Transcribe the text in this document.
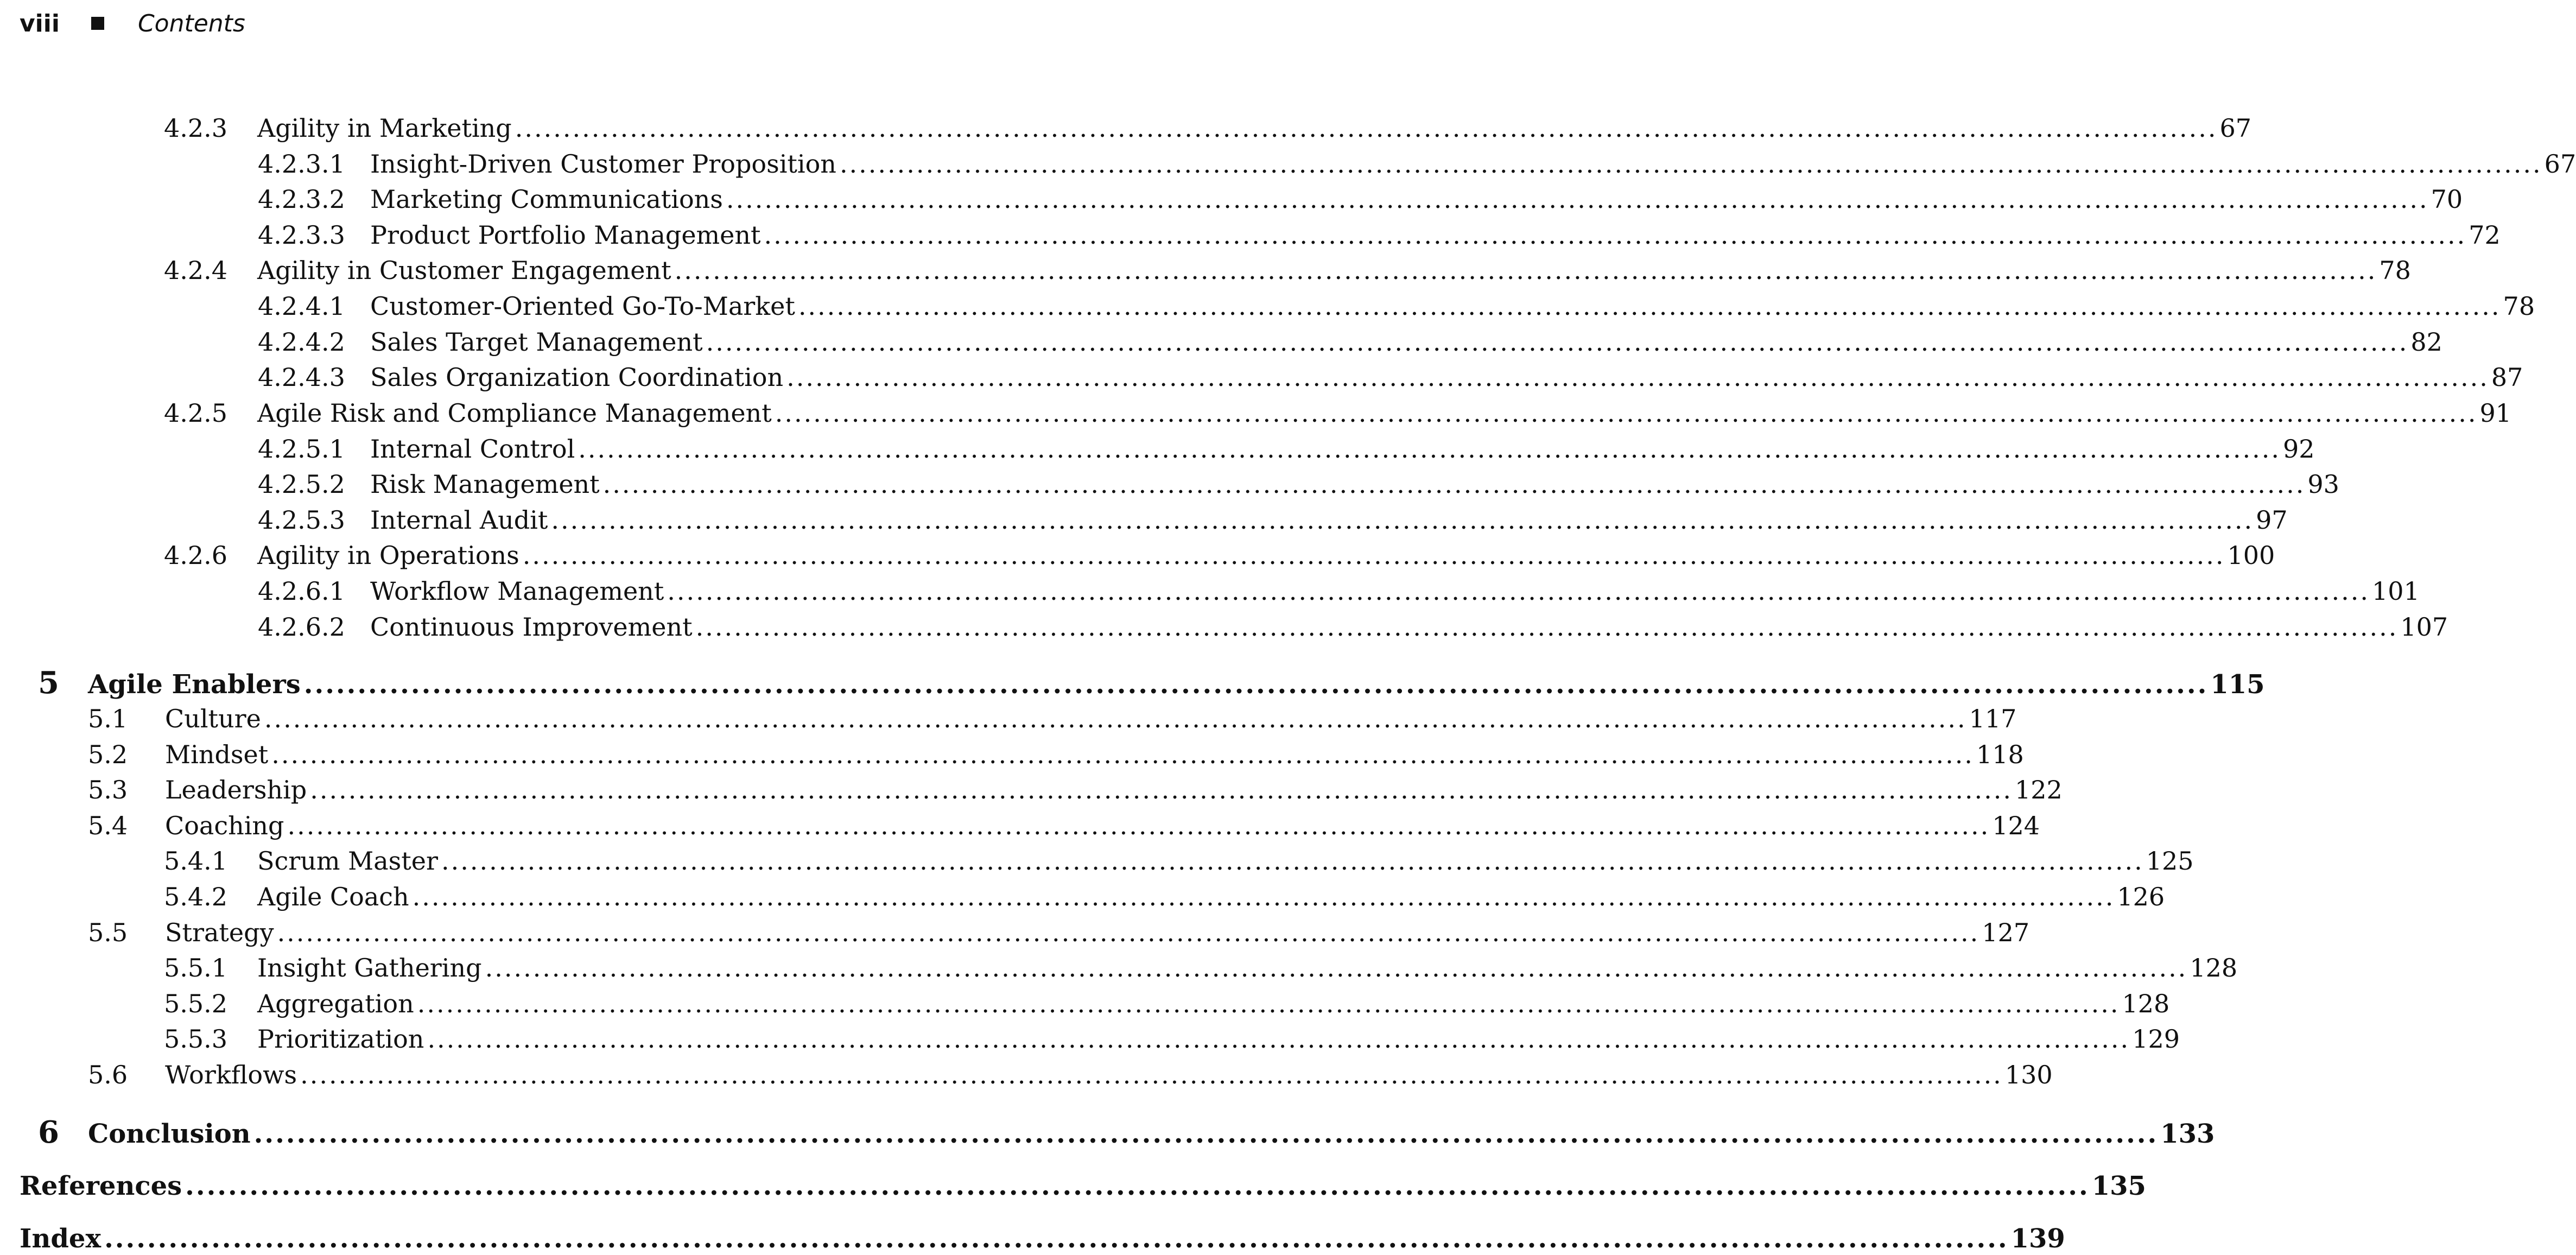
viii	Contents
4.2.3	Agility in Marketing .................................................................................................................................................................................. 67
4.2.3.1	Insight-Driven Customer Proposition .................................................................................................................................................................................. 67
4.2.3.2	Marketing Communications .................................................................................................................................................................................. 70
4.2.3.3	Product Portfolio Management .................................................................................................................................................................................. 72
4.2.4	Agility in Customer Engagement .................................................................................................................................................................................. 78
4.2.4.1	Customer-Oriented Go-To-Market .................................................................................................................................................................................. 78
4.2.4.2	Sales Target Management .................................................................................................................................................................................. 82
4.2.4.3	Sales Organization Coordination .................................................................................................................................................................................. 87
4.2.5	Agile Risk and Compliance Management .................................................................................................................................................................................. 91
4.2.5.1	Internal Control .................................................................................................................................................................................. 92
4.2.5.2	Risk Management .................................................................................................................................................................................. 93
4.2.5.3	Internal Audit .................................................................................................................................................................................. 97
4.2.6	Agility in Operations .................................................................................................................................................................................. 100
4.2.6.1	Workflow Management .................................................................................................................................................................................. 101
4.2.6.2	Continuous Improvement .................................................................................................................................................................................. 107
5	Agile Enablers .................................................................................................................................................................................. 115
5.1	Culture .................................................................................................................................................................................. 117
5.2	Mindset .................................................................................................................................................................................. 118
5.3	Leadership .................................................................................................................................................................................. 122
5.4	Coaching .................................................................................................................................................................................. 124
5.4.1	Scrum Master .................................................................................................................................................................................. 125
5.4.2	Agile Coach .................................................................................................................................................................................. 126
5.5	Strategy .................................................................................................................................................................................. 127
5.5.1	Insight Gathering .................................................................................................................................................................................. 128
5.5.2	Aggregation .................................................................................................................................................................................. 128
5.5.3	Prioritization .................................................................................................................................................................................. 129
5.6	Workflows .................................................................................................................................................................................. 130
6	Conclusion .................................................................................................................................................................................. 133
References .................................................................................................................................................................................. 135
Index .................................................................................................................................................................................. 139
